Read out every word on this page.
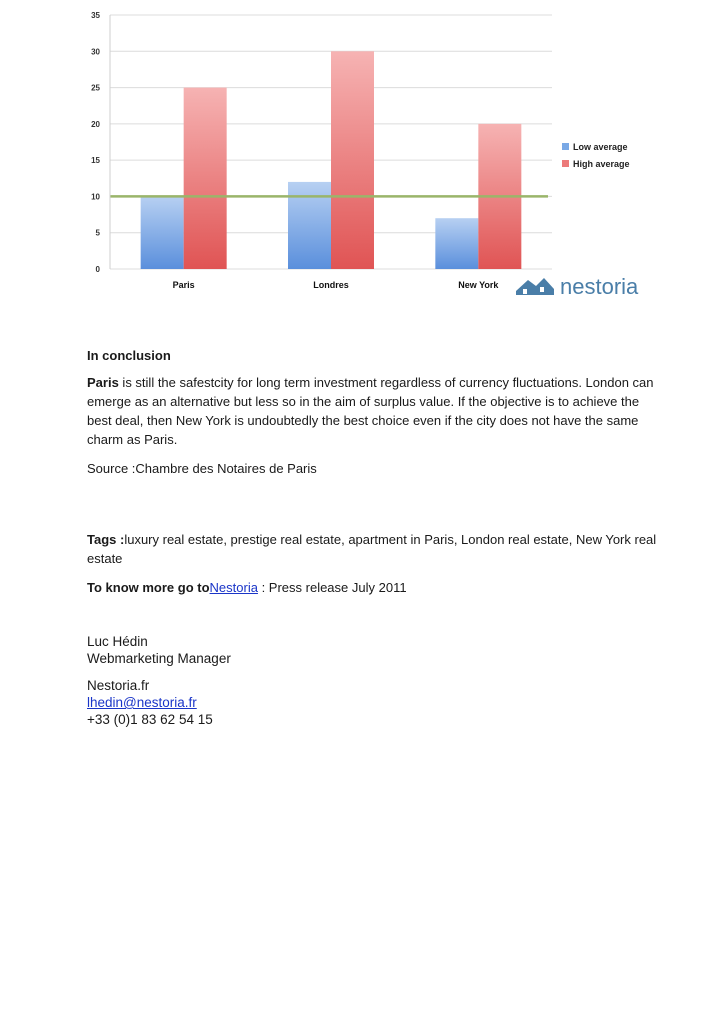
0
5
10
15
20
25
30
35
Paris	Londres	New York
Low average
High average
nestoria

In conclusion

Paris is still the safestcity for long term investment regardless of currency fluctuations. London can emerge as an alternative but less so in the aim of surplus value. If the objective is to achieve the best deal, then New York is undoubtedly the best choice even if the city does not have the same charm as Paris.

Source :Chambre des Notaires de Paris

Tags :luxury real estate, prestige real estate, apartment in Paris, London real estate, New York real estate

To know more go toNestoria : Press release July 2011

Luc Hédin
Webmarketing Manager
Nestoria.fr
lhedin@nestoria.fr
+33 (0)1 83 62 54 15
